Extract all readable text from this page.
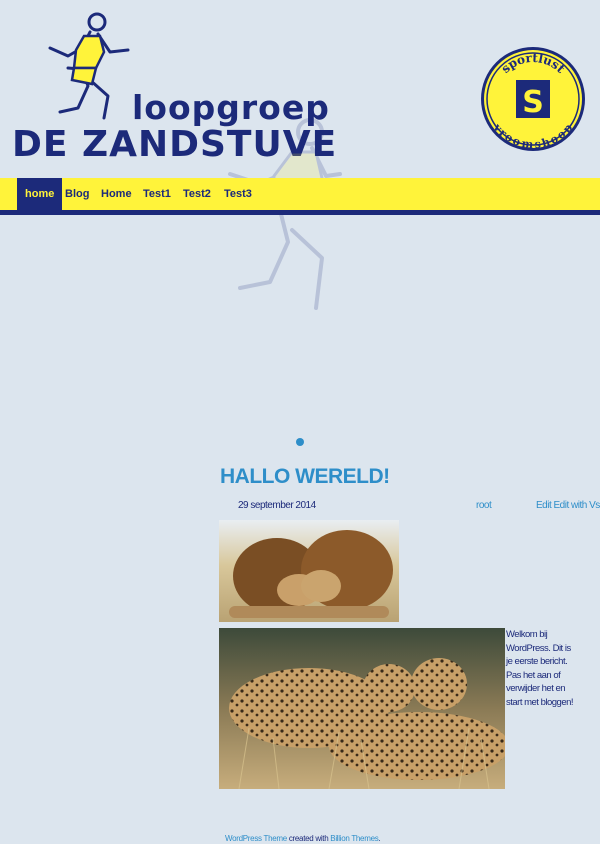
loopgroep
DE ZANDSTUVE
sportlust
vroomshoop
S
home Blog Home Test1 Test2 Test3
HALLO WERELD!
29 september 2014	root	Edit Edit with Vs
Welkom bij WordPress. Dit is je eerste bericht. Pas het aan of verwijder het en start met bloggen!
WordPress Theme created with Billion Themes.
